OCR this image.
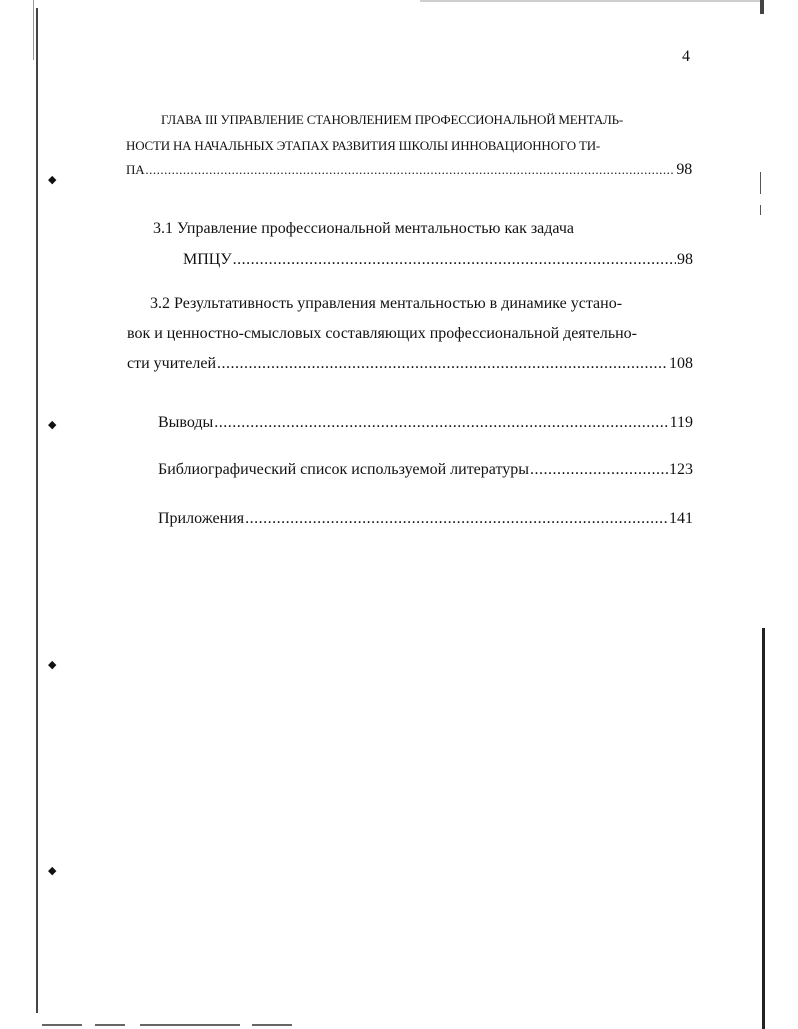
◆
◆
◆
◆
4
ГЛАВА III УПРАВЛЕНИЕ СТАНОВЛЕНИЕМ ПРОФЕССИОНАЛЬНОЙ МЕНТАЛЬ-
НОСТИ НА НАЧАЛЬНЫХ ЭТАПАХ РАЗВИТИЯ ШКОЛЫ ИННОВАЦИОННОГО ТИ-
ПА .....	98
3.1 Управление профессиональной ментальностью как задача
МПЦУ .....	98
3.2 Результативность управления ментальностью в динамике устано-
вок и ценностно-смысловых составляющих профессиональной деятельно-
сти учителей .....	108
Выводы .....	119
Библиографический список используемой литературы .....	123
Приложения .....	141
